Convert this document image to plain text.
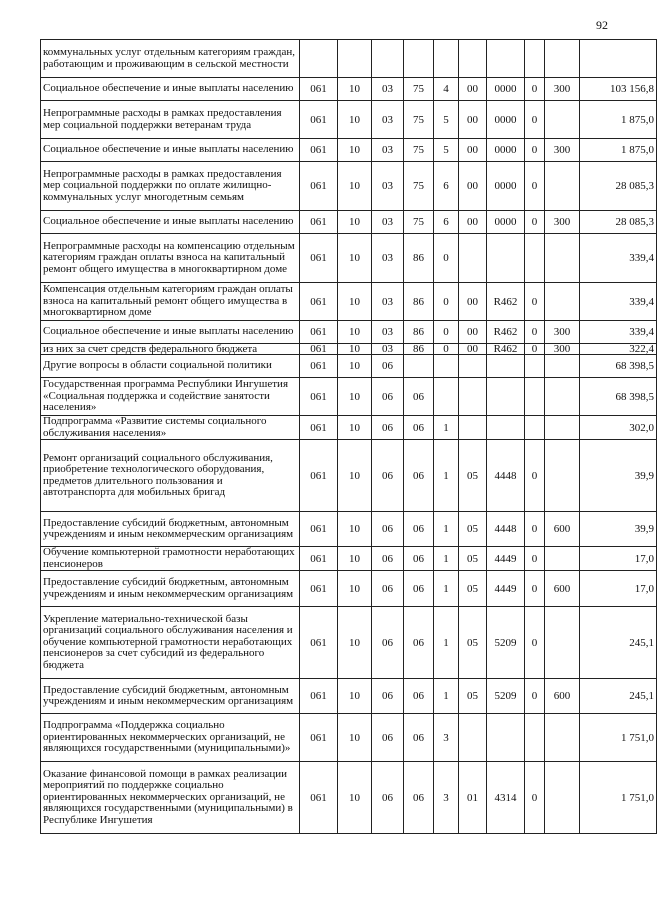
92
коммунальных услуг отдельным категориям граждан, работающим и проживающим в сельской местности										
Социальное обеспечение и иные выплаты населению	061	10	03	75	4	00	0000	0	300	103 156,8
Непрограммные расходы в рамках предоставления мер социальной поддержки ветеранам труда	061	10	03	75	5	00	0000	0		1 875,0
Социальное обеспечение и иные выплаты населению	061	10	03	75	5	00	0000	0	300	1 875,0
Непрограммные расходы в рамках предоставления мер социальной поддержки по оплате жилищно-коммунальных услуг многодетным семьям	061	10	03	75	6	00	0000	0		28 085,3
Социальное обеспечение и иные выплаты населению	061	10	03	75	6	00	0000	0	300	28 085,3
Непрограммные расходы на компенсацию отдельным категориям граждан оплаты взноса на капитальный ремонт общего имущества в многоквартирном доме	061	10	03	86	0					339,4
Компенсация отдельным категориям граждан оплаты взноса на капитальный ремонт общего имущества в многоквартирном доме	061	10	03	86	0	00	R462	0		339,4
Социальное обеспечение и иные выплаты населению	061	10	03	86	0	00	R462	0	300	339,4
из них за счет средств федерального бюджета	061	10	03	86	0	00	R462	0	300	322,4
Другие вопросы в области социальной политики	061	10	06							68 398,5
Государственная программа Республики Ингушетия «Социальная поддержка и содействие занятости населения»	061	10	06	06						68 398,5
Подпрограмма «Развитие системы социального обслуживания населения»	061	10	06	06	1					302,0
Ремонт организаций социального обслуживания, приобретение технологического оборудования, предметов длительного пользования и автотранспорта для мобильных бригад	061	10	06	06	1	05	4448	0		39,9
Предоставление субсидий бюджетным, автономным учреждениям и иным некоммерческим организациям	061	10	06	06	1	05	4448	0	600	39,9
Обучение компьютерной грамотности неработающих пенсионеров	061	10	06	06	1	05	4449	0		17,0
Предоставление субсидий бюджетным, автономным учреждениям и иным некоммерческим организациям	061	10	06	06	1	05	4449	0	600	17,0
Укрепление материально-технической базы организаций социального обслуживания населения и обучение компьютерной грамотности неработающих пенсионеров за счет субсидий из федерального бюджета	061	10	06	06	1	05	5209	0		245,1
Предоставление субсидий бюджетным, автономным учреждениям и иным некоммерческим организациям	061	10	06	06	1	05	5209	0	600	245,1
Подпрограмма «Поддержка социально ориентированных некоммерческих организаций, не являющихся государственными (муниципальными)»	061	10	06	06	3					1 751,0
Оказание финансовой помощи в рамках реализации мероприятий по поддержке социально ориентированных некоммерческих организаций, не являющихся государственными (муниципальными) в Республике Ингушетия	061	10	06	06	3	01	4314	0		1 751,0
